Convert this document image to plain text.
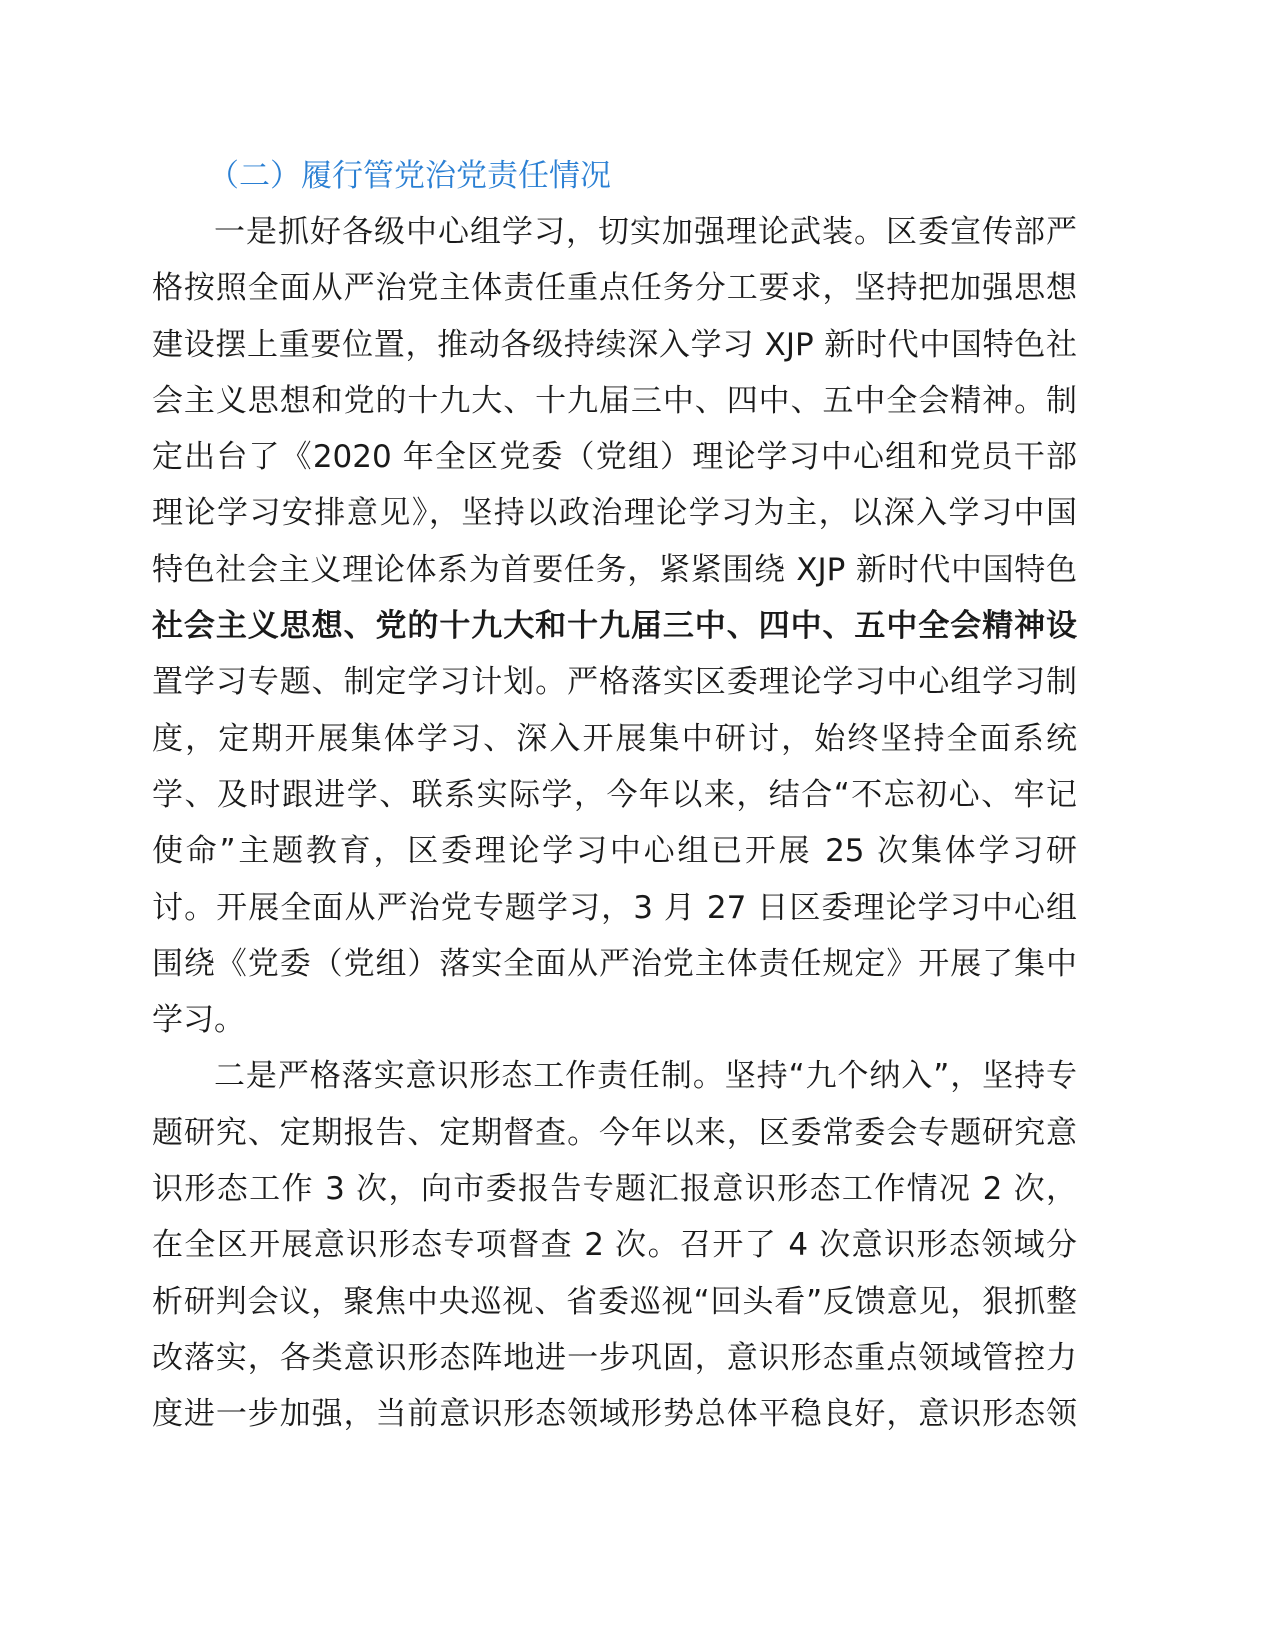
（二）履行管党治党责任情况
一是抓好各级中心组学习，切实加强理论武装。区委宣传部严
格按照全面从严治党主体责任重点任务分工要求，坚持把加强思想
建设摆上重要位置，推动各级持续深入学习 XJP 新时代中国特色社
会主义思想和党的十九大、十九届三中、四中、五中全会精神。制
定出台了《2020 年全区党委（党组）理论学习中心组和党员干部
理论学习安排意见》，坚持以政治理论学习为主，以深入学习中国
特色社会主义理论体系为首要任务，紧紧围绕 XJP 新时代中国特色
社会主义思想、党的十九大和十九届三中、四中、五中全会精神设
置学习专题、制定学习计划。严格落实区委理论学习中心组学习制
度，定期开展集体学习、深入开展集中研讨，始终坚持全面系统
学、及时跟进学、联系实际学，今年以来，结合“不忘初心、牢记
使命”主题教育，区委理论学习中心组已开展 25 次集体学习研
讨。开展全面从严治党专题学习，3 月 27 日区委理论学习中心组
围绕《党委（党组）落实全面从严治党主体责任规定》开展了集中
学习。
二是严格落实意识形态工作责任制。坚持“九个纳入”，坚持专
题研究、定期报告、定期督查。今年以来，区委常委会专题研究意
识形态工作 3 次，向市委报告专题汇报意识形态工作情况 2 次，
在全区开展意识形态专项督查 2 次。召开了 4 次意识形态领域分
析研判会议，聚焦中央巡视、省委巡视“回头看”反馈意见，狠抓整
改落实，各类意识形态阵地进一步巩固，意识形态重点领域管控力
度进一步加强，当前意识形态领域形势总体平稳良好，意识形态领
